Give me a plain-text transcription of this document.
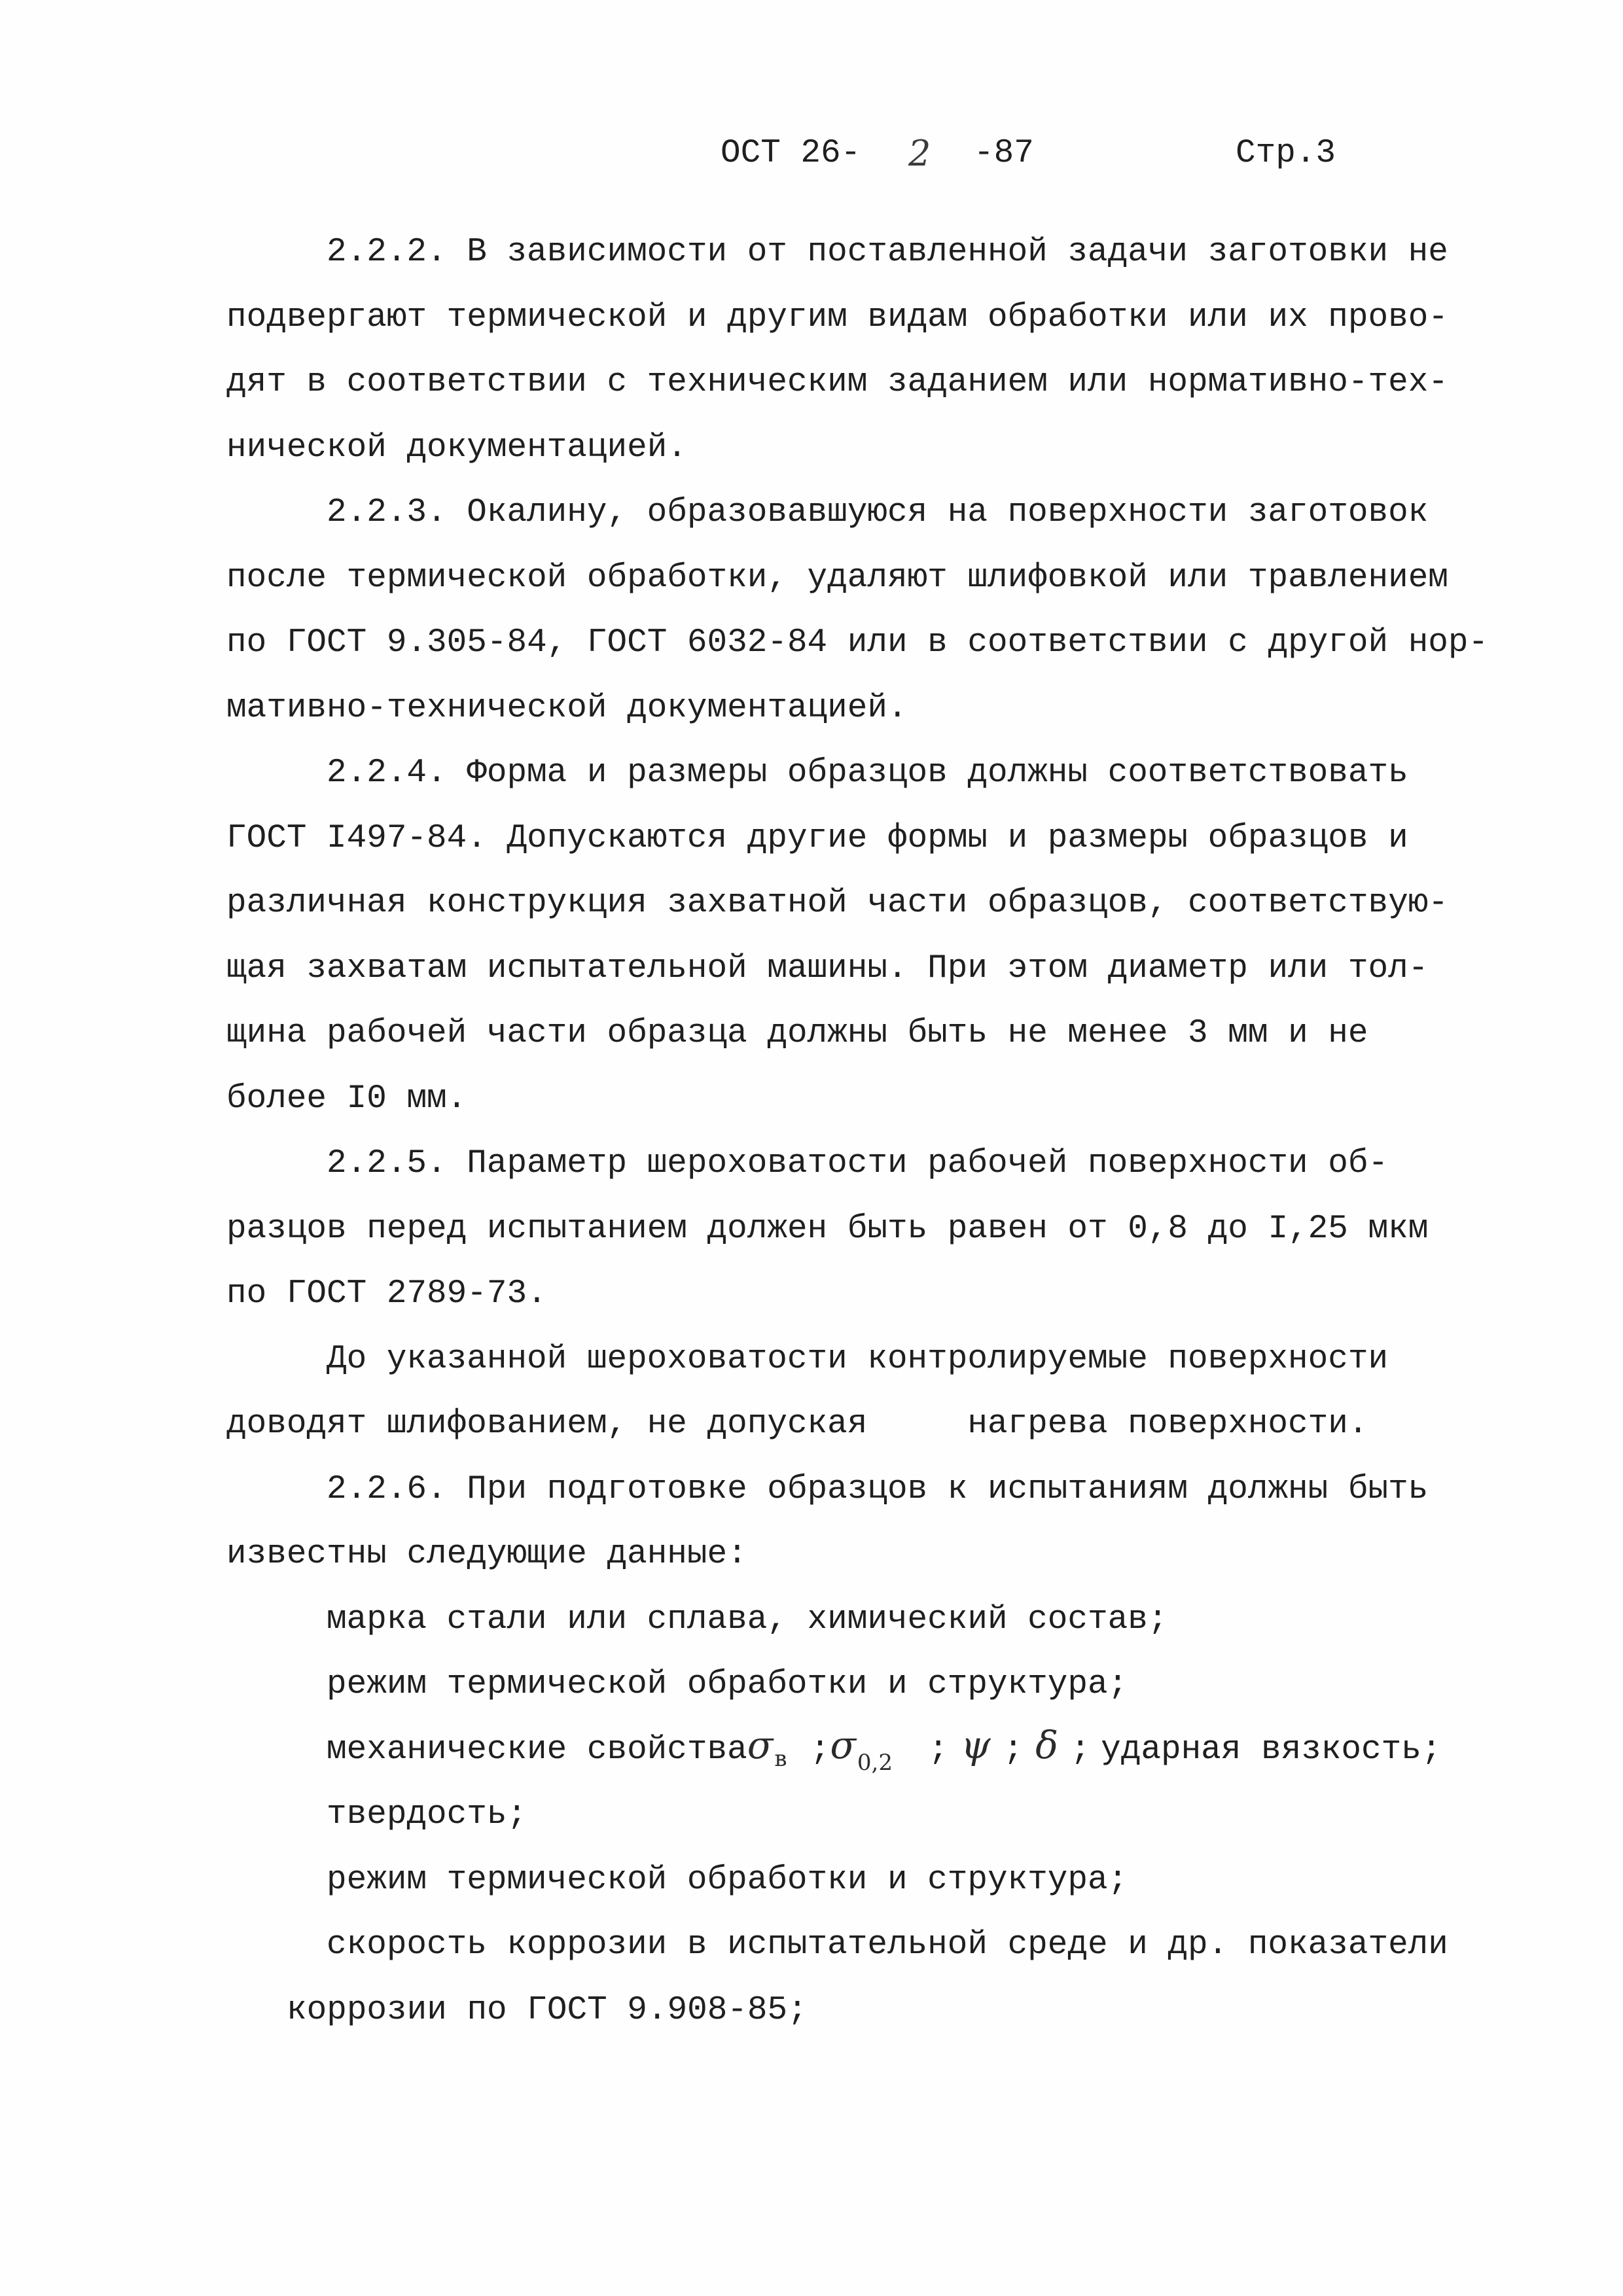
ОСТ 26- 2 -87	Стр.3
2.2.2. В зависимости от поставленной задачи заготовки не
подвергают термической и другим видам обработки или их прово-
дят в соответствии с техническим заданием или нормативно-тех-
нической документацией.
2.2.3. Окалину, образовавшуюся на поверхности заготовок
после термической обработки, удаляют шлифовкой или травлением
по ГОСТ 9.305-84, ГОСТ 6032-84 или в соответствии с другой нор-
мативно-технической документацией.
2.2.4. Форма и размеры образцов должны соответствовать
ГОСТ I497-84. Допускаются другие формы и размеры образцов и
различная конструкция захватной части образцов, соответствую-
щая захватам испытательной машины. При этом диаметр или тол-
щина рабочей части образца должны быть не менее 3 мм и не
более I0 мм.
2.2.5. Параметр шероховатости рабочей поверхности об-
разцов перед испытанием должен быть равен от 0,8 до I,25 мкм
по ГОСТ 2789-73.
До указанной шероховатости контролируемые поверхности
доводят шлифованием, не допуская	нагрева поверхности.
2.2.6. При подготовке образцов к испытаниям должны быть
известны следующие данные:
марка стали или сплава, химический состав;
режим термической обработки и структура;
механические свойстваσ$_в$ $;\sigma_{0,2}$ ; ψ ; δ ; ударная вязкость;
твердость;
режим термической обработки и структура;
скорость коррозии в испытательной среде и др. показатели
коррозии по ГОСТ 9.908-85;
